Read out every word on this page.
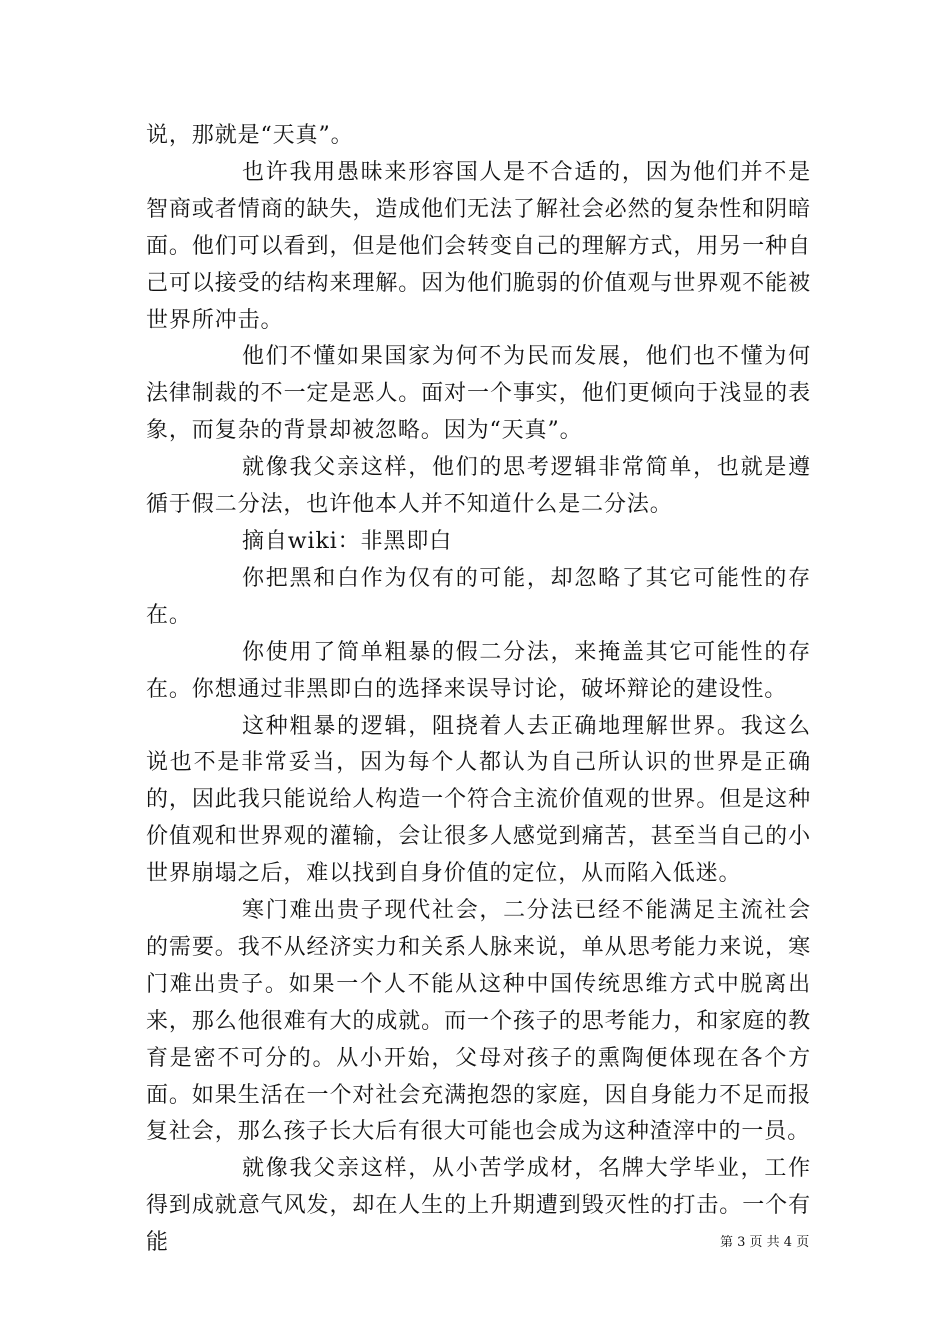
说，那就是“天真”。

也许我用愚昧来形容国人是不合适的，因为他们并不是智商或者情商的缺失，造成他们无法了解社会必然的复杂性和阴暗面。他们可以看到，但是他们会转变自己的理解方式，用另一种自己可以接受的结构来理解。因为他们脆弱的价值观与世界观不能被世界所冲击。

他们不懂如果国家为何不为民而发展，他们也不懂为何法律制裁的不一定是恶人。面对一个事实，他们更倾向于浅显的表象，而复杂的背景却被忽略。因为“天真”。

就像我父亲这样，他们的思考逻辑非常简单，也就是遵循于假二分法，也许他本人并不知道什么是二分法。

摘自wiki：非黑即白

你把黑和白作为仅有的可能，却忽略了其它可能性的存在。

你使用了简单粗暴的假二分法，来掩盖其它可能性的存在。你想通过非黑即白的选择来误导讨论，破坏辩论的建设性。

这种粗暴的逻辑，阻挠着人去正确地理解世界。我这么说也不是非常妥当，因为每个人都认为自己所认识的世界是正确的，因此我只能说给人构造一个符合主流价值观的世界。但是这种价值观和世界观的灌输，会让很多人感觉到痛苦，甚至当自己的小世界崩塌之后，难以找到自身价值的定位，从而陷入低迷。

寒门难出贵子现代社会，二分法已经不能满足主流社会的需要。我不从经济实力和关系人脉来说，单从思考能力来说，寒门难出贵子。如果一个人不能从这种中国传统思维方式中脱离出来，那么他很难有大的成就。而一个孩子的思考能力，和家庭的教育是密不可分的。从小开始，父母对孩子的熏陶便体现在各个方面。如果生活在一个对社会充满抱怨的家庭，因自身能力不足而报复社会，那么孩子长大后有很大可能也会成为这种渣滓中的一员。

就像我父亲这样，从小苦学成材，名牌大学毕业，工作得到成就意气风发，却在人生的上升期遭到毁灭性的打击。一个有能	第 3 页 共 4 页
